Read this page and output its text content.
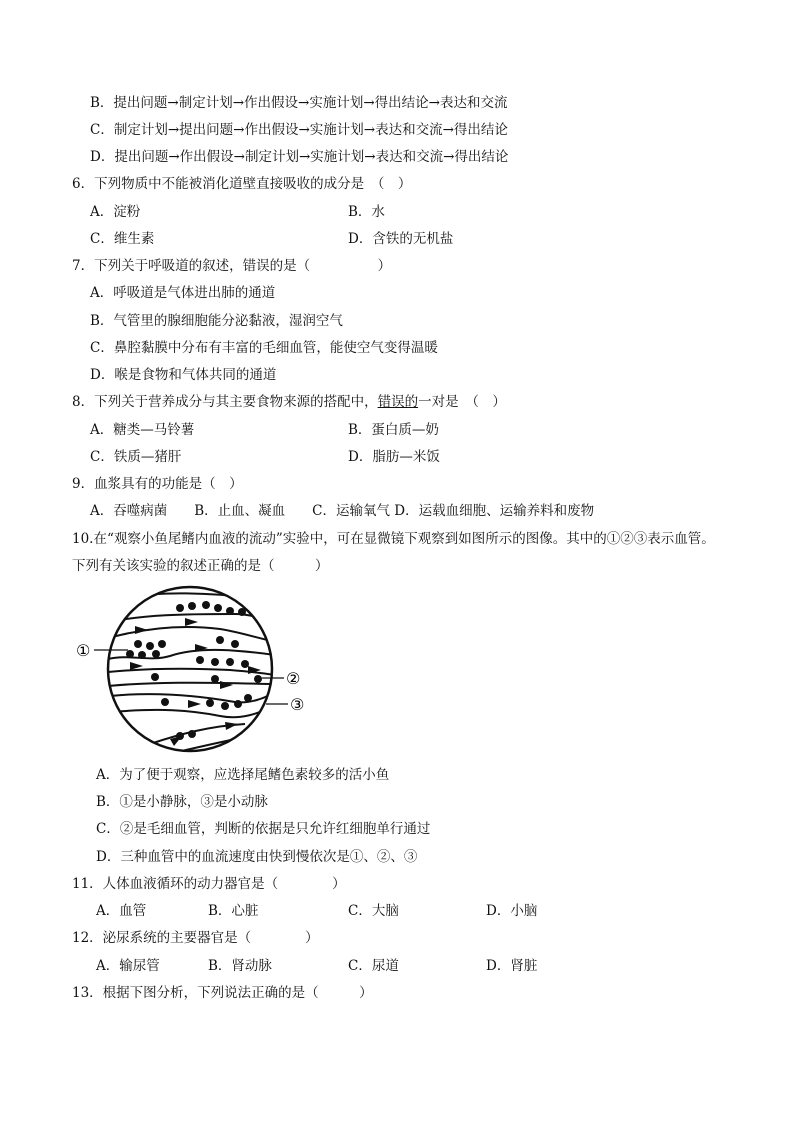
B．提出问题→制定计划→作出假设→实施计划→得出结论→表达和交流
C．制定计划→提出问题→作出假设→实施计划→表达和交流→得出结论
D．提出问题→作出假设→制定计划→实施计划→表达和交流→得出结论
6．下列物质中不能被消化道壁直接吸收的成分是　（　）
A．淀粉	B．水
C．维生素	D．含铁的无机盐
7．下列关于呼吸道的叙述，错误的是（　　　　　）
A．呼吸道是气体进出肺的通道
B．气管里的腺细胞能分泌黏液，湿润空气
C．鼻腔黏膜中分布有丰富的毛细血管，能使空气变得温暖
D．喉是食物和气体共同的通道
8．下列关于营养成分与其主要食物来源的搭配中，错误的一对是　（　）
A．糖类—马铃薯	B．蛋白质—奶
C．铁质—猪肝	D．脂肪—米饭
9．血浆具有的功能是（　）
A．吞噬病菌　　B．止血、凝血　　C．运输氧气 D．运载血细胞、运输养料和废物
10.在“观察小鱼尾鳍内血液的流动”实验中，可在显微镜下观察到如图所示的图像。其中的①②③表示血管。
下列有关该实验的叙述正确的是（　　　）
①
②
③
A．为了便于观察，应选择尾鳍色素较多的活小鱼
B．①是小静脉，③是小动脉
C．②是毛细血管，判断的依据是只允许红细胞单行通过
D．三种血管中的血流速度由快到慢依次是①、②、③
11．人体血液循环的动力器官是（　　　　）
A．血管	B．心脏	C．大脑	D．小脑
12．泌尿系统的主要器官是（　　　　）
A．输尿管	B．肾动脉	C．尿道	D．肾脏
13．根据下图分析，下列说法正确的是（　　　）
